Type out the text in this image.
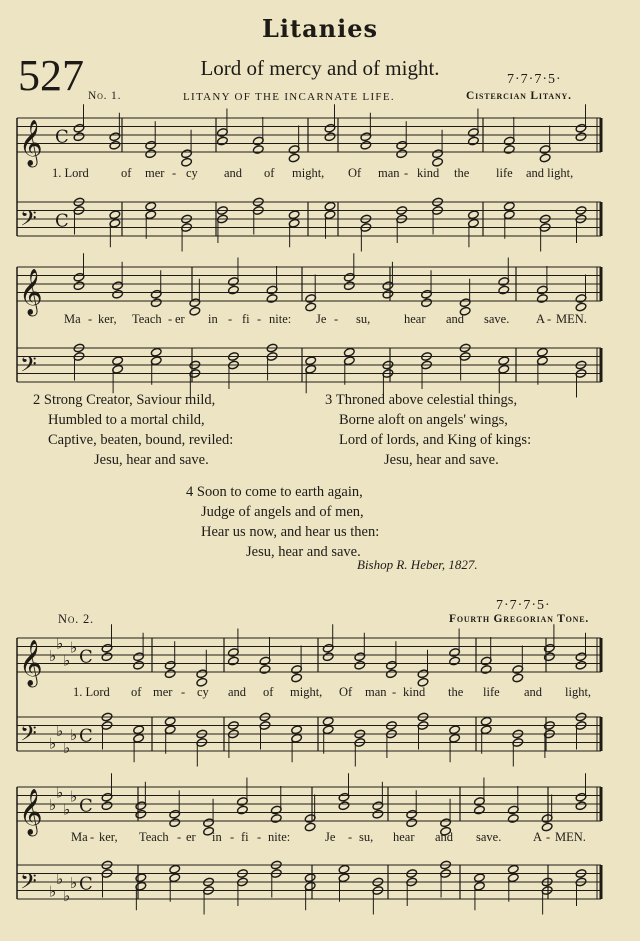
Litanies
527	Lord of mercy and of might.
No. 1.	LITANY OF THE INCARNATE LIFE.
7·7·7·5·
Cistercian Litany.
𝄞
𝄢
C
C
𝄞
𝄢
𝄞
𝄢
♭
♭
♭
♭
♭
♭
♭
♭
C
C
𝄞
𝄢
♭
♭
♭
♭
♭
♭
♭
♭
C
C
1. Lord	of mer - cy and of might, Of man - kind the life and light,
Ma - ker, Teach - er in - fi - nite: Je - su,	hear and save. A - MEN.
2 Strong Creator, Saviour mild,
Humbled to a mortal child,
Captive, beaten, bound, reviled:
Jesu, hear and save.
3 Throned above celestial things,
Borne aloft on angels' wings,
Lord of lords, and King of kings:
Jesu, hear and save.
4 Soon to come to earth again,
Judge of angels and of men,
Hear us now, and hear us then:
Jesu, hear and save.
Bishop R. Heber, 1827.
7·7·7·5·
No. 2.	Fourth Gregorian Tone.
1. Lord of mer - cy and of might, Of man - kind the life and light,
Ma - ker, Teach - er in - fi - nite:	Je - su, hear and save.	A - MEN.
